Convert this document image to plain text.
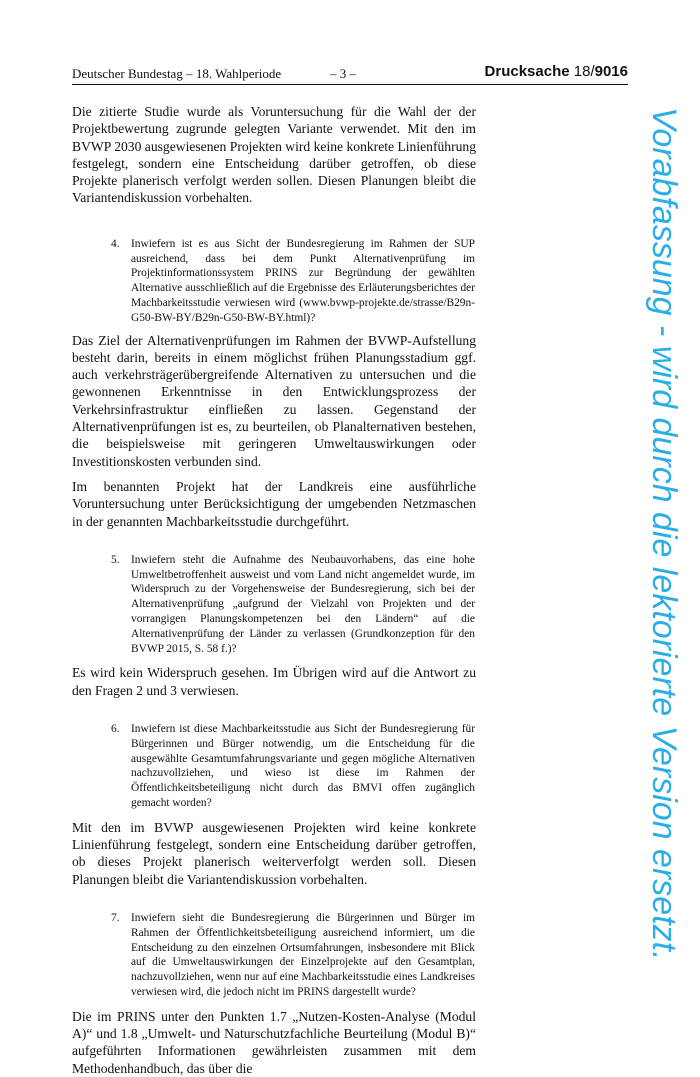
Deutscher Bundestag – 18. Wahlperiode	– 3 –	Drucksache 18/9016

Die zitierte Studie wurde als Voruntersuchung für die Wahl der der Projektbewertung zugrunde gelegten Variante verwendet. Mit den im BVWP 2030 ausgewiesenen Projekten wird keine konkrete Linienführung festgelegt, sondern eine Entscheidung darüber getroffen, ob diese Projekte planerisch verfolgt werden sollen. Diesen Planungen bleibt die Variantendiskussion vorbehalten.

4.	Inwiefern ist es aus Sicht der Bundesregierung im Rahmen der SUP ausreichend, dass bei dem Punkt Alternativenprüfung im Projektinformationssystem PRINS zur Begründung der gewählten Alternative ausschließlich auf die Ergebnisse des Erläuterungsberichtes der Machbarkeitsstudie verwiesen wird (www.bvwp-projekte.de/strasse/B29n-G50-BW-BY/B29n-G50-BW-BY.html)?

Das Ziel der Alternativenprüfungen im Rahmen der BVWP-Aufstellung besteht darin, bereits in einem möglichst frühen Planungsstadium ggf. auch verkehrsträgerübergreifende Alternativen zu untersuchen und die gewonnenen Erkenntnisse in den Entwicklungsprozess der Verkehrsinfrastruktur einfließen zu lassen. Gegenstand der Alternativenprüfungen ist es, zu beurteilen, ob Planalternativen bestehen, die beispielsweise mit geringeren Umweltauswirkungen oder Investitionskosten verbunden sind.

Im benannten Projekt hat der Landkreis eine ausführliche Voruntersuchung unter Berücksichtigung der umgebenden Netzmaschen in der genannten Machbarkeitsstudie durchgeführt.

5.	Inwiefern steht die Aufnahme des Neubauvorhabens, das eine hohe Umweltbetroffenheit ausweist und vom Land nicht angemeldet wurde, im Widerspruch zu der Vorgehensweise der Bundesregierung, sich bei der Alternativenprüfung „aufgrund der Vielzahl von Projekten und der vorrangigen Planungskompetenzen bei den Ländern“ auf die Alternativenprüfung der Länder zu verlassen (Grundkonzeption für den BVWP 2015, S. 58 f.)?

Es wird kein Widerspruch gesehen. Im Übrigen wird auf die Antwort zu den Fragen 2 und 3 verwiesen.

6.	Inwiefern ist diese Machbarkeitsstudie aus Sicht der Bundesregierung für Bürgerinnen und Bürger notwendig, um die Entscheidung für die ausgewählte Gesamtumfahrungsvariante und gegen mögliche Alternativen nachzuvollziehen, und wieso ist diese im Rahmen der Öffentlichkeitsbeteiligung nicht durch das BMVI offen zugänglich gemacht worden?

Mit den im BVWP ausgewiesenen Projekten wird keine konkrete Linienführung festgelegt, sondern eine Entscheidung darüber getroffen, ob dieses Projekt planerisch weiterverfolgt werden soll. Diesen Planungen bleibt die Variantendiskussion vorbehalten.

7.	Inwiefern sieht die Bundesregierung die Bürgerinnen und Bürger im Rahmen der Öffentlichkeitsbeteiligung ausreichend informiert, um die Entscheidung zu den einzelnen Ortsumfahrungen, insbesondere mit Blick auf die Umweltauswirkungen der Einzelprojekte auf den Gesamtplan, nachzuvollziehen, wenn nur auf eine Machbarkeitsstudie eines Landkreises verwiesen wird, die jedoch nicht im PRINS dargestellt wurde?

Die im PRINS unter den Punkten 1.7 „Nutzen-Kosten-Analyse (Modul A)“ und 1.8 „Umwelt- und Naturschutzfachliche Beurteilung (Modul B)“ aufgeführten Informationen gewährleisten zusammen mit dem Methodenhandbuch, das über die

Vorabfassung - wird durch die lektorierte Version ersetzt.
